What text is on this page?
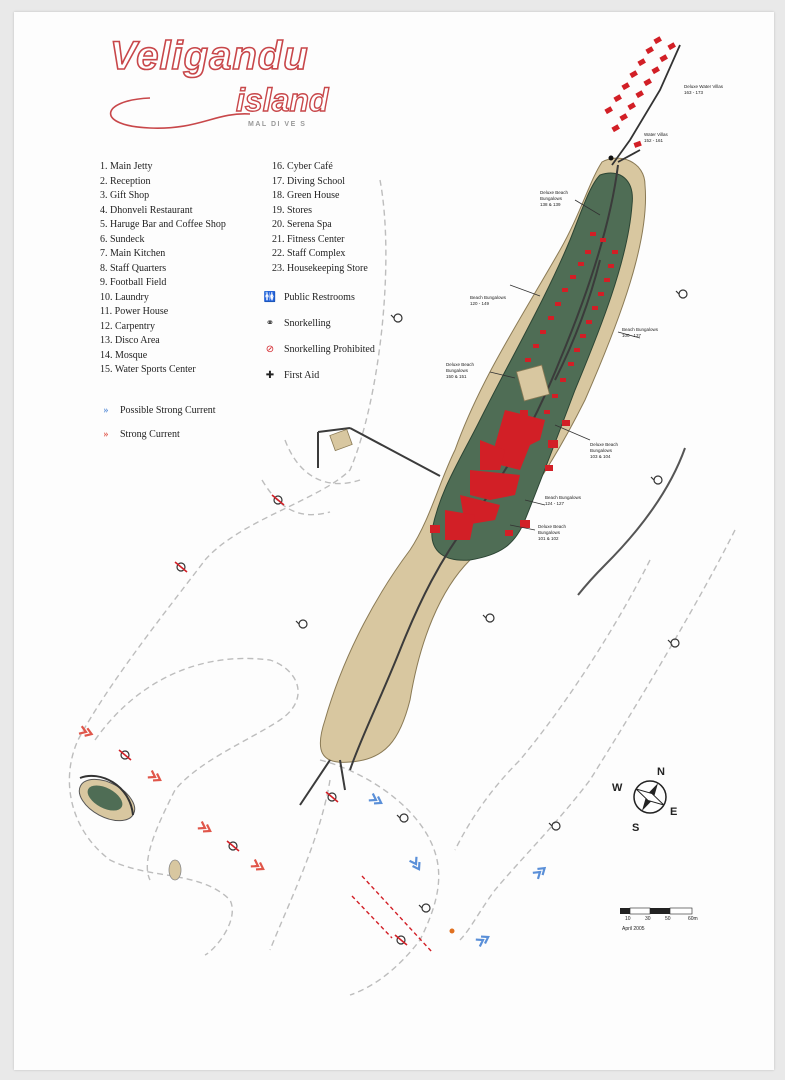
Veligandu
island
MAL DI VE S
1. Main Jetty
2. Reception
3. Gift Shop
4. Dhonveli Restaurant
5. Haruge Bar and Coffee Shop
6. Sundeck
7. Main Kitchen
8. Staff Quarters
9. Football Field
10. Laundry
11. Power House
12. Carpentry
13. Disco Area
14. Mosque
15. Water Sports Center
16. Cyber Café
17. Diving School
18. Green House
19. Stores
20. Serena Spa
21. Fitness Center
22. Staff Complex
23. Housekeeping Store
🚻 Public Restrooms
⚭ Snorkelling
⊘ Snorkelling Prohibited
✚ First Aid
» Possible Strong Current
» Strong Current
Deluxe Water Villas
163 - 173
Water Villas
152 - 161
Deluxe Beach
Bungalows
138 & 139
Beach Bungalows
120 - 149
Beach Bungalows
100 - 137
Deluxe Beach
Bungalows
150 & 151
Deluxe Beach
Bungalows
103 & 104
Beach Bungalows
124 - 127
Deluxe Beach
Bungalows
101 & 102
N
E
S
W
10	30	50	60m
April 2005
